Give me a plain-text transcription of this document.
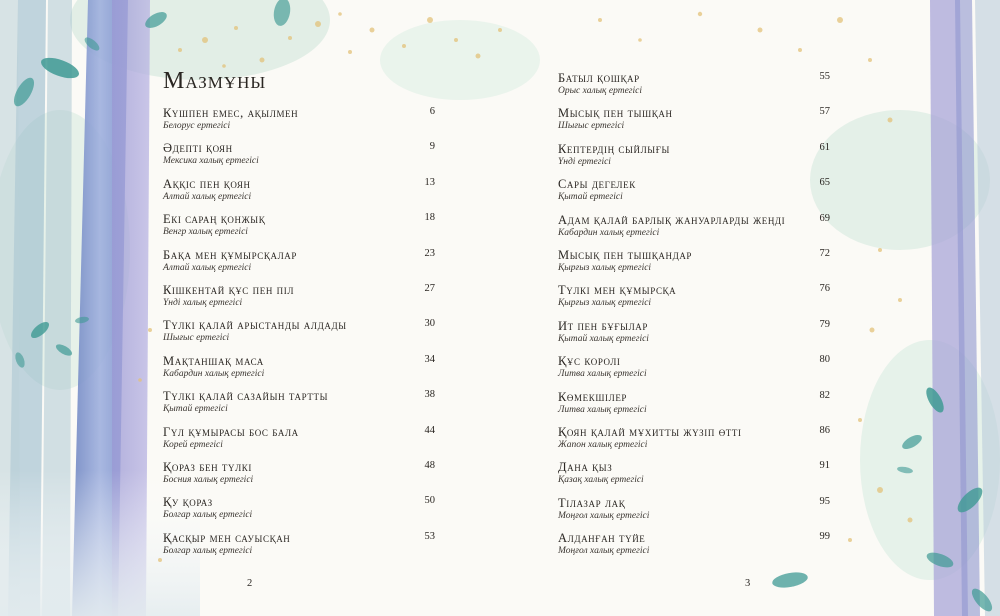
Мазмұны
Күшпен емес, ақылмен
Белорус ертегісі
6
Әдепті қоян
Мексика халық ертегісі
9
Аққіс пен қоян
Алтай халық ертегісі
13
Екі сараң қонжық
Венгр халық ертегісі
18
Бақа мен құмырсқалар
Алтай халық ертегісі
23
Кішкентай құс пен піл
Үнді халық ертегісі
27
Түлкі қалай арыстанды алдады
Шығыс ертегісі
30
Мақтаншақ маса
Кабардин халық ертегісі
34
Түлкі қалай сазайын тартты
Қытай ертегісі
38
Гүл құмырасы бос бала
Корей ертегісі
44
Қораз бен түлкі
Босния халық ертегісі
48
Қу қораз
Болгар халық ертегісі
50
Қасқыр мен сауысқан
Болгар халық ертегісі
53
Батыл қошқар
Орыс халық ертегісі
55
Мысық пен тышқан
Шығыс ертегісі
57
Кептердің сыйлығы
Үнді ертегісі
61
Сары дегелек
Қытай ертегісі
65
Адам қалай барлық жануарларды жеңді
Кабардин халық ертегісі
69
Мысық пен тышқандар
Қырғыз халық ертегісі
72
Түлкі мен құмырсқа
Қырғыз халық ертегісі
76
Ит пен бұғылар
Қытай халық ертегісі
79
Құс королі
Литва халық ертегісі
80
Көмекшілер
Литва халық ертегісі
82
Қоян қалай мұхитты жүзіп өтті
Жапон халық ертегісі
86
Дана қыз
Қазақ халық ертегісі
91
Тілазар лақ
Моңғол халық ертегісі
95
Алданған түйе
Моңғол халық ертегісі
99
2	3
